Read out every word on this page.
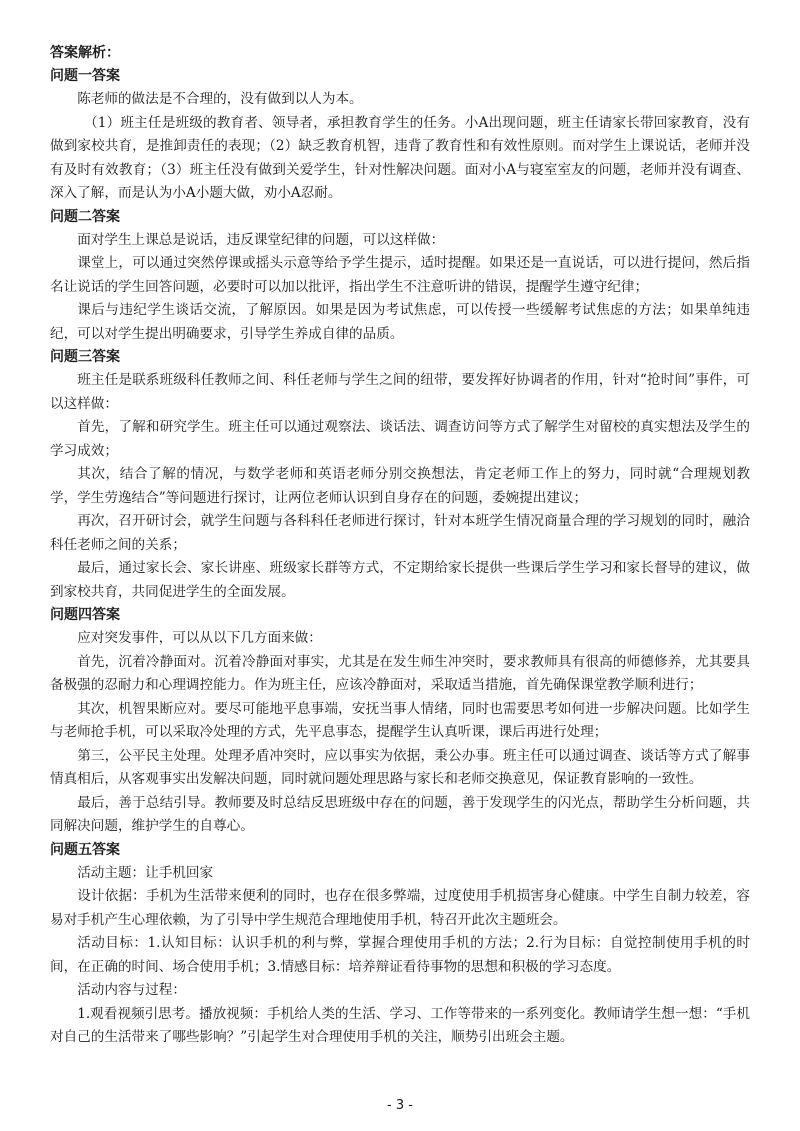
答案解析：

问题一答案

陈老师的做法是不合理的，没有做到以人为本。

（1）班主任是班级的教育者、领导者，承担教育学生的任务。小A出现问题，班主任请家长带回家教育，没有做到家校共育，是推卸责任的表现；（2）缺乏教育机智，违背了教育性和有效性原则。而对学生上课说话，老师并没有及时有效教育；（3）班主任没有做到关爱学生，针对性解决问题。面对小A与寝室室友的问题，老师并没有调查、深入了解，而是认为小A小题大做，劝小A忍耐。

问题二答案

面对学生上课总是说话，违反课堂纪律的问题，可以这样做：

课堂上，可以通过突然停课或摇头示意等给予学生提示，适时提醒。如果还是一直说话，可以进行提问，然后指名让说话的学生回答问题，必要时可以加以批评，指出学生不注意听讲的错误，提醒学生遵守纪律；

课后与违纪学生谈话交流，了解原因。如果是因为考试焦虑，可以传授一些缓解考试焦虑的方法；如果单纯违纪，可以对学生提出明确要求，引导学生养成自律的品质。

问题三答案

班主任是联系班级科任教师之间、科任老师与学生之间的纽带，要发挥好协调者的作用，针对“抢时间”事件，可以这样做：

首先，了解和研究学生。班主任可以通过观察法、谈话法、调查访问等方式了解学生对留校的真实想法及学生的学习成效；

其次，结合了解的情况，与数学老师和英语老师分别交换想法，肯定老师工作上的努力，同时就“合理规划教学，学生劳逸结合”等问题进行探讨，让两位老师认识到自身存在的问题，委婉提出建议；

再次，召开研讨会，就学生问题与各科科任老师进行探讨，针对本班学生情况商量合理的学习规划的同时，融洽科任老师之间的关系；

最后，通过家长会、家长讲座、班级家长群等方式，不定期给家长提供一些课后学生学习和家长督导的建议，做到家校共育，共同促进学生的全面发展。

问题四答案

应对突发事件，可以从以下几方面来做：

首先，沉着冷静面对。沉着冷静面对事实，尤其是在发生师生冲突时，要求教师具有很高的师德修养，尤其要具备极强的忍耐力和心理调控能力。作为班主任，应该冷静面对，采取适当措施，首先确保课堂教学顺利进行；

其次，机智果断应对。要尽可能地平息事端，安抚当事人情绪，同时也需要思考如何进一步解决问题。比如学生与老师抢手机，可以采取冷处理的方式，先平息事态，提醒学生认真听课，课后再进行处理；

第三，公平民主处理。处理矛盾冲突时，应以事实为依据，秉公办事。班主任可以通过调查、谈话等方式了解事情真相后，从客观事实出发解决问题，同时就问题处理思路与家长和老师交换意见，保证教育影响的一致性。

最后，善于总结引导。教师要及时总结反思班级中存在的问题，善于发现学生的闪光点，帮助学生分析问题，共同解决问题，维护学生的自尊心。

问题五答案

活动主题：让手机回家

设计依据：手机为生活带来便利的同时，也存在很多弊端，过度使用手机损害身心健康。中学生自制力较差，容易对手机产生心理依赖，为了引导中学生规范合理地使用手机，特召开此次主题班会。

活动目标：1.认知目标：认识手机的利与弊，掌握合理使用手机的方法；2.行为目标：自觉控制使用手机的时间，在正确的时间、场合使用手机；3.情感目标：培养辩证看待事物的思想和积极的学习态度。

活动内容与过程：

1.观看视频引思考。播放视频：手机给人类的生活、学习、工作等带来的一系列变化。教师请学生想一想：“手机对自己的生活带来了哪些影响？”引起学生对合理使用手机的关注，顺势引出班会主题。

- 3 -
